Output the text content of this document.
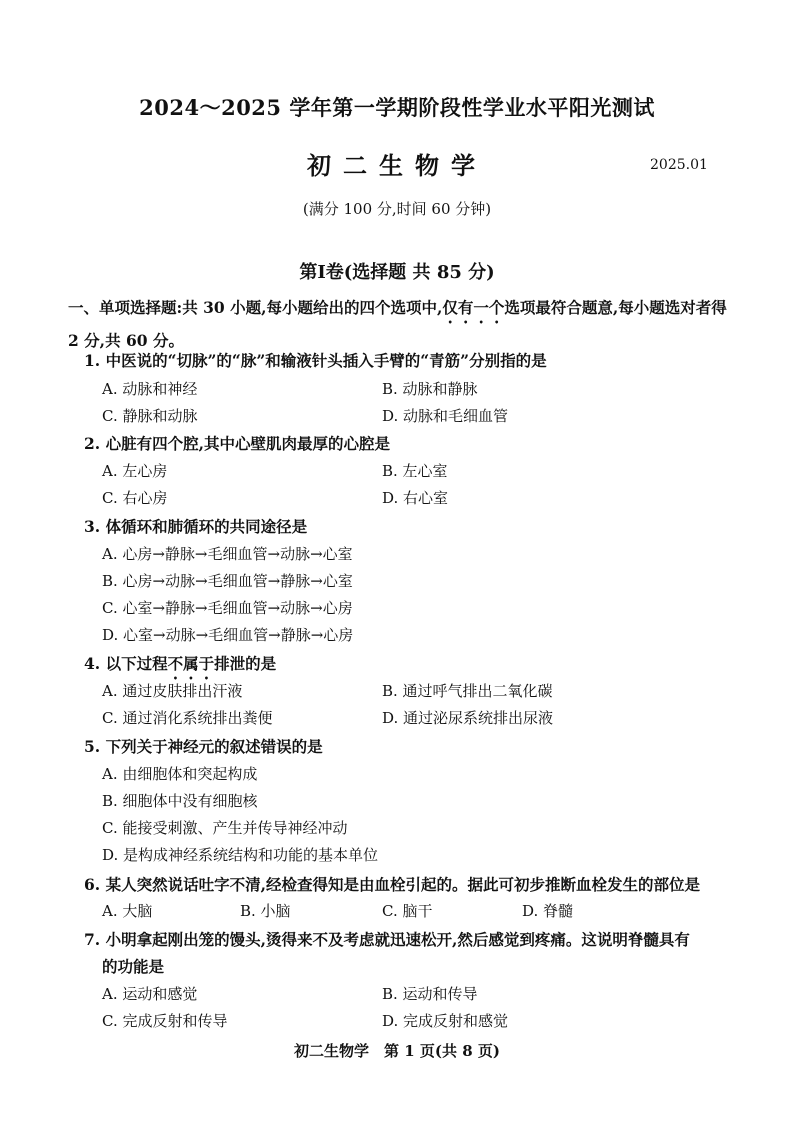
2024～2025 学年第一学期阶段性学业水平阳光测试
初二生物学	2025.01
(满分 100 分,时间 60 分钟)
第Ⅰ卷(选择题 共 85 分)
一、单项选择题:共 30 小题,每小题给出的四个选项中,仅有一个选项最符合题意,每小题选对者得 2 分,共 60 分。
1. 中医说的“切脉”的“脉”和输液针头插入手臂的“青筋”分别指的是
A. 动脉和神经	B. 动脉和静脉
C. 静脉和动脉	D. 动脉和毛细血管
2. 心脏有四个腔,其中心壁肌肉最厚的心腔是
A. 左心房	B. 左心室
C. 右心房	D. 右心室
3. 体循环和肺循环的共同途径是
A. 心房→静脉→毛细血管→动脉→心室
B. 心房→动脉→毛细血管→静脉→心室
C. 心室→静脉→毛细血管→动脉→心房
D. 心室→动脉→毛细血管→静脉→心房
4. 以下过程不属于排泄的是
A. 通过皮肤排出汗液	B. 通过呼气排出二氧化碳
C. 通过消化系统排出粪便	D. 通过泌尿系统排出尿液
5. 下列关于神经元的叙述错误的是
A. 由细胞体和突起构成
B. 细胞体中没有细胞核
C. 能接受刺激、产生并传导神经冲动
D. 是构成神经系统结构和功能的基本单位
6. 某人突然说话吐字不清,经检查得知是由血栓引起的。据此可初步推断血栓发生的部位是
A. 大脑	B. 小脑	C. 脑干	D. 脊髓
7. 小明拿起刚出笼的馒头,烫得来不及考虑就迅速松开,然后感觉到疼痛。这说明脊髓具有
的功能是
A. 运动和感觉	B. 运动和传导
C. 完成反射和传导	D. 完成反射和感觉
初二生物学　第 1 页(共 8 页)
